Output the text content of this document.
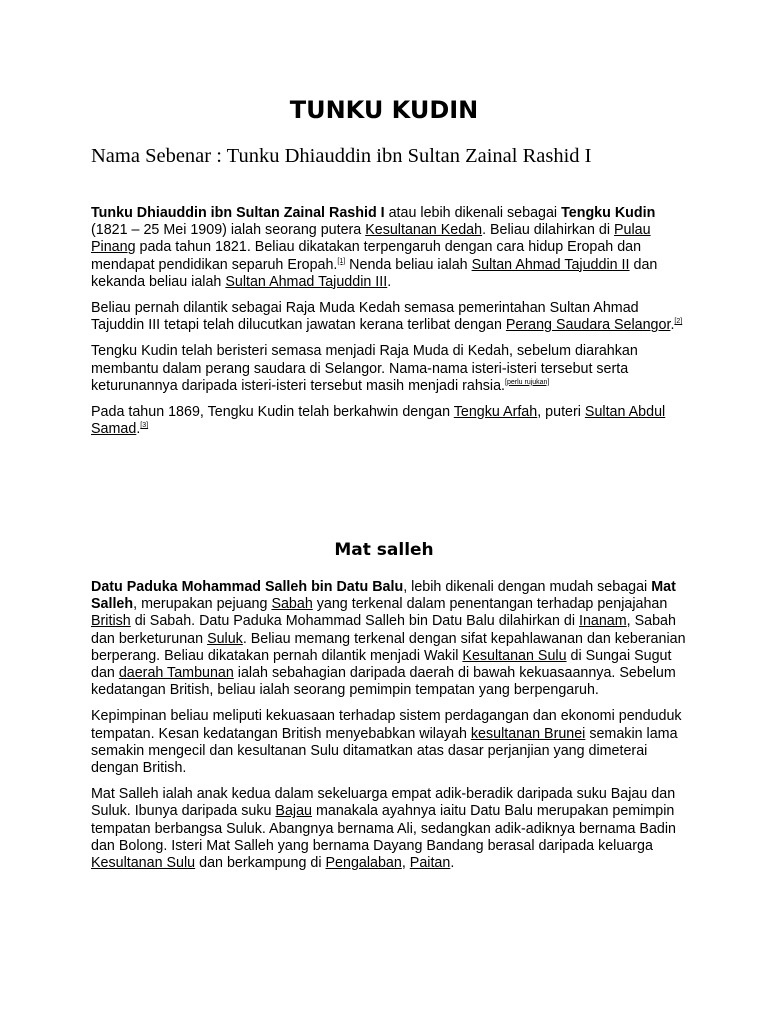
TUNKU KUDIN
Nama Sebenar : Tunku Dhiauddin ibn Sultan Zainal Rashid I

Tunku Dhiauddin ibn Sultan Zainal Rashid I atau lebih dikenali sebagai Tengku Kudin (1821 – 25 Mei 1909) ialah seorang putera Kesultanan Kedah. Beliau dilahirkan di Pulau Pinang pada tahun 1821. Beliau dikatakan terpengaruh dengan cara hidup Eropah dan mendapat pendidikan separuh Eropah.[1] Nenda beliau ialah Sultan Ahmad Tajuddin II dan kekanda beliau ialah Sultan Ahmad Tajuddin III.

Beliau pernah dilantik sebagai Raja Muda Kedah semasa pemerintahan Sultan Ahmad Tajuddin III tetapi telah dilucutkan jawatan kerana terlibat dengan Perang Saudara Selangor.[2]

Tengku Kudin telah beristeri semasa menjadi Raja Muda di Kedah, sebelum diarahkan membantu dalam perang saudara di Selangor. Nama-nama isteri-isteri tersebut serta keturunannya daripada isteri-isteri tersebut masih menjadi rahsia.[perlu rujukan]

Pada tahun 1869, Tengku Kudin telah berkahwin dengan Tengku Arfah, puteri Sultan Abdul Samad.[3]

Mat salleh

Datu Paduka Mohammad Salleh bin Datu Balu, lebih dikenali dengan mudah sebagai Mat Salleh, merupakan pejuang Sabah yang terkenal dalam penentangan terhadap penjajahan British di Sabah. Datu Paduka Mohammad Salleh bin Datu Balu dilahirkan di Inanam, Sabah dan berketurunan Suluk. Beliau memang terkenal dengan sifat kepahlawanan dan keberanian berperang. Beliau dikatakan pernah dilantik menjadi Wakil Kesultanan Sulu di Sungai Sugut dan daerah Tambunan ialah sebahagian daripada daerah di bawah kekuasaannya. Sebelum kedatangan British, beliau ialah seorang pemimpin tempatan yang berpengaruh.

Kepimpinan beliau meliputi kekuasaan terhadap sistem perdagangan dan ekonomi penduduk tempatan. Kesan kedatangan British menyebabkan wilayah kesultanan Brunei semakin lama semakin mengecil dan kesultanan Sulu ditamatkan atas dasar perjanjian yang dimeterai dengan British.

Mat Salleh ialah anak kedua dalam sekeluarga empat adik-beradik daripada suku Bajau dan Suluk. Ibunya daripada suku Bajau manakala ayahnya iaitu Datu Balu merupakan pemimpin tempatan berbangsa Suluk. Abangnya bernama Ali, sedangkan adik-adiknya bernama Badin dan Bolong. Isteri Mat Salleh yang bernama Dayang Bandang berasal daripada keluarga Kesultanan Sulu dan berkampung di Pengalaban, Paitan.
